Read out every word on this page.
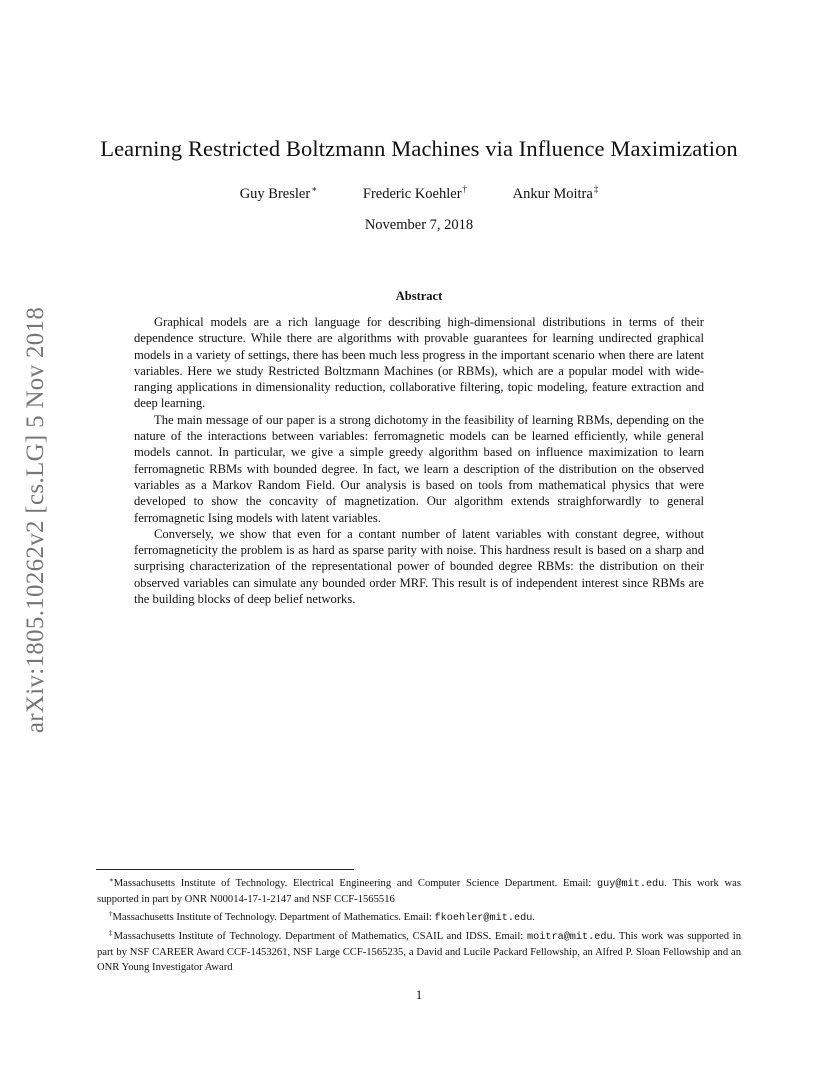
arXiv:1805.10262v2 [cs.LG] 5 Nov 2018
Learning Restricted Boltzmann Machines via Influence Maximization
Guy Bresler∗	Frederic Koehler†	Ankur Moitra‡
November 7, 2018
Abstract

Graphical models are a rich language for describing high-dimensional distributions in terms of their dependence structure. While there are algorithms with provable guarantees for learning undirected graphical models in a variety of settings, there has been much less progress in the important scenario when there are latent variables. Here we study Restricted Boltzmann Machines (or RBMs), which are a popular model with wide-ranging applications in dimensionality reduction, collaborative filtering, topic modeling, feature extraction and deep learning.

The main message of our paper is a strong dichotomy in the feasibility of learning RBMs, depending on the nature of the interactions between variables: ferromagnetic models can be learned efficiently, while general models cannot. In particular, we give a simple greedy algorithm based on influence maximization to learn ferromagnetic RBMs with bounded degree. In fact, we learn a description of the distribution on the observed variables as a Markov Random Field. Our analysis is based on tools from mathematical physics that were developed to show the concavity of magnetization. Our algorithm extends straighforwardly to general ferromagnetic Ising models with latent variables.

Conversely, we show that even for a contant number of latent variables with constant degree, without ferromagneticity the problem is as hard as sparse parity with noise. This hardness result is based on a sharp and surprising characterization of the representational power of bounded degree RBMs: the distribution on their observed variables can simulate any bounded order MRF. This result is of independent interest since RBMs are the building blocks of deep belief networks.

∗Massachusetts Institute of Technology. Electrical Engineering and Computer Science Department. Email: guy@mit.edu. This work was supported in part by ONR N00014-17-1-2147 and NSF CCF-1565516

†Massachusetts Institute of Technology. Department of Mathematics. Email: fkoehler@mit.edu.

‡Massachusetts Institute of Technology. Department of Mathematics, CSAIL and IDSS. Email: moitra@mit.edu. This work was supported in part by NSF CAREER Award CCF-1453261, NSF Large CCF-1565235, a David and Lucile Packard Fellowship, an Alfred P. Sloan Fellowship and an ONR Young Investigator Award

1
